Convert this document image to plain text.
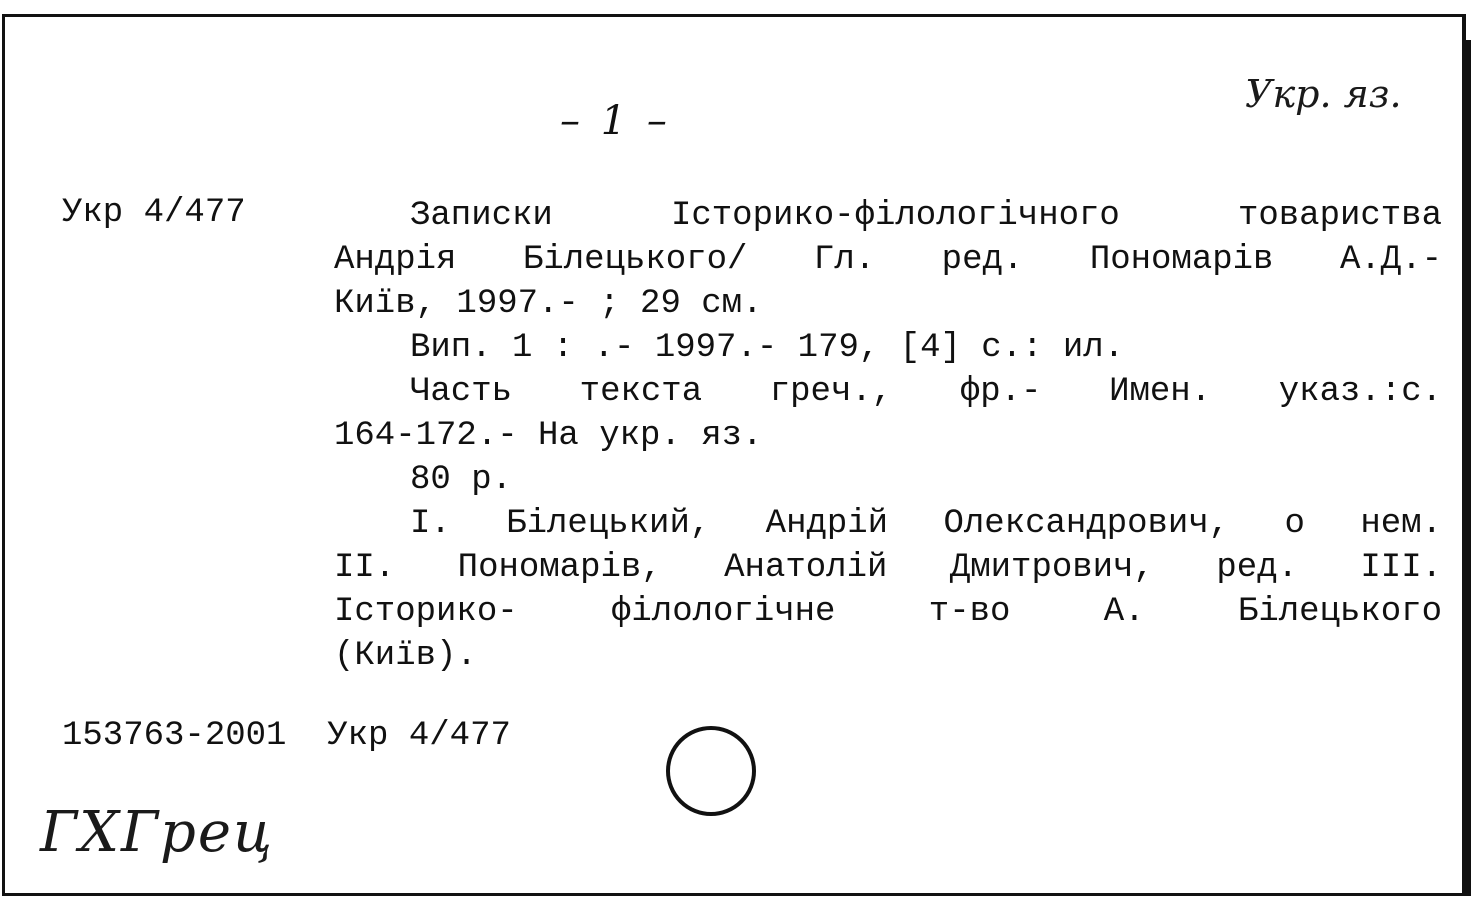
Укр. яз.
– 1 –
Укр 4/477	Записки Історико-філологічного товариства
Андрія Білецького/ Гл. ред. Пономарів А.Д.-
Київ, 1997.- ; 29 см.
Вип. 1 : .- 1997.- 179, [4] с.: ил.
Часть текста греч., фр.- Имен. указ.:с.
164-172.- На укр. яз.
80 р.
I. Білецький, Андрій Олександрович, о нем.
II. Пономарів, Анатолій Дмитрович, ред. III.
Історико- філологічне т-во А. Білецького
(Київ).
153763-2001 Укр 4/477
ГХГрец
